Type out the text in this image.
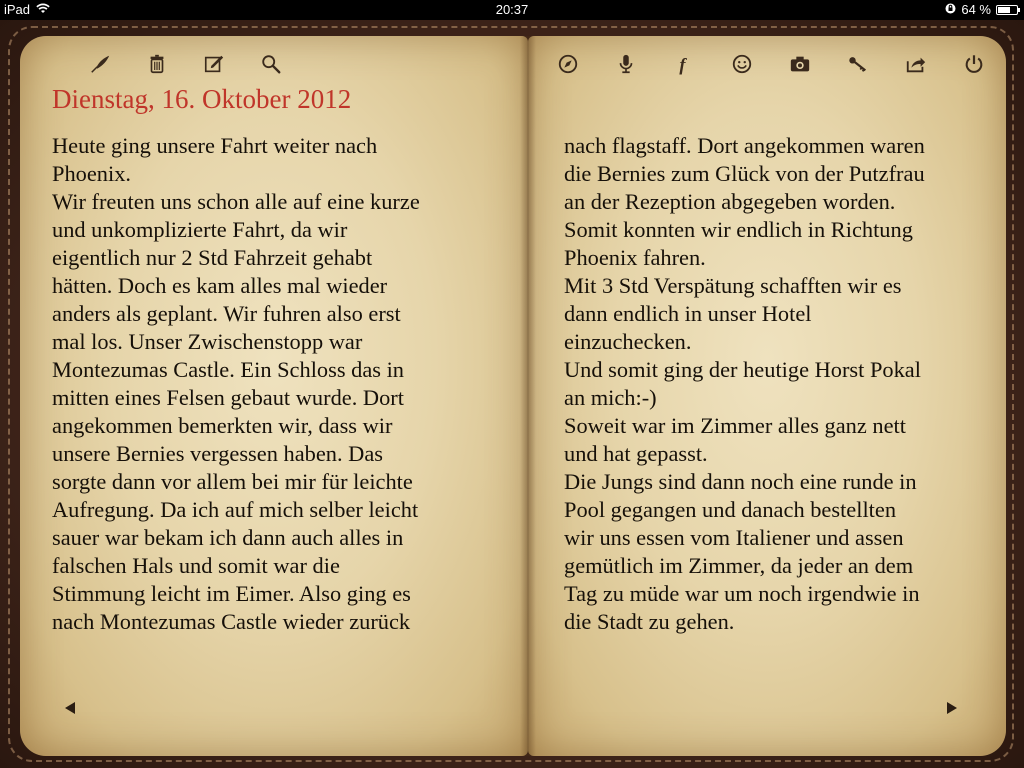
iPad	20:37	64 %
f
Dienstag, 16. Oktober 2012
Heute ging unsere Fahrt weiter nach
Phoenix.
Wir freuten uns schon alle auf eine kurze
und unkomplizierte Fahrt, da wir
eigentlich nur 2 Std Fahrzeit gehabt
hätten. Doch es kam alles mal wieder
anders als geplant. Wir fuhren also erst
mal los. Unser Zwischenstopp war
Montezumas Castle. Ein Schloss das in
mitten eines Felsen gebaut wurde. Dort
angekommen bemerkten wir, dass wir
unsere Bernies vergessen haben. Das
sorgte dann vor allem bei mir für leichte
Aufregung. Da ich auf mich selber leicht
sauer war bekam ich dann auch alles in
falschen Hals und somit war die
Stimmung leicht im Eimer. Also ging es
nach Montezumas Castle wieder zurück
nach flagstaff. Dort angekommen waren
die Bernies zum Glück von der Putzfrau
an der Rezeption abgegeben worden.
Somit konnten wir endlich in Richtung
Phoenix fahren.
Mit 3 Std Verspätung schafften wir es
dann endlich in unser Hotel
einzuchecken.
Und somit ging der heutige Horst Pokal
an mich:-)
Soweit war im Zimmer alles ganz nett
und hat gepasst.
Die Jungs sind dann noch eine runde in
Pool gegangen und danach bestellten
wir uns essen vom Italiener und assen
gemütlich im Zimmer, da jeder an dem
Tag zu müde war um noch irgendwie in
die Stadt zu gehen.
